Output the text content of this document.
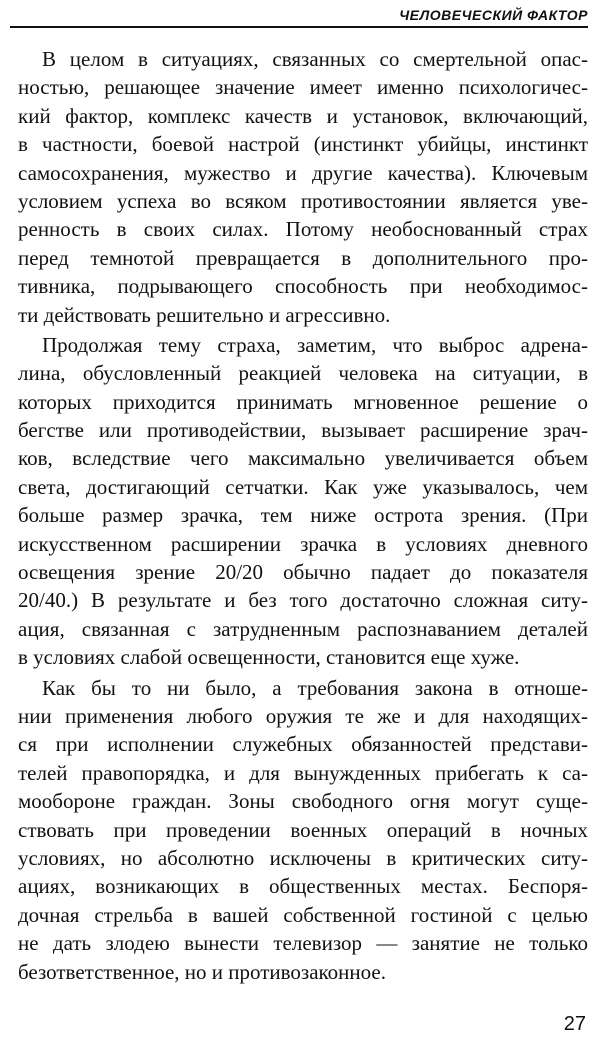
ЧЕЛОВЕЧЕСКИЙ ФАКТОР
В целом в ситуациях, связанных со смертельной опас-
ностью, решающее значение имеет именно психологичес-
кий фактор, комплекс качеств и установок, включающий,
в частности, боевой настрой (инстинкт убийцы, инстинкт
самосохранения, мужество и другие качества). Ключевым
условием успеха во всяком противостоянии является уве-
ренность в своих силах. Потому необоснованный страх
перед темнотой превращается в дополнительного про-
тивника, подрывающего способность при необходимос-
ти действовать решительно и агрессивно.
Продолжая тему страха, заметим, что выброс адрена-
лина, обусловленный реакцией человека на ситуации, в
которых приходится принимать мгновенное решение о
бегстве или противодействии, вызывает расширение зрач-
ков, вследствие чего максимально увеличивается объем
света, достигающий сетчатки. Как уже указывалось, чем
больше размер зрачка, тем ниже острота зрения. (При
искусственном расширении зрачка в условиях дневного
освещения зрение 20/20 обычно падает до показателя
20/40.) В результате и без того достаточно сложная ситу-
ация, связанная с затрудненным распознаванием деталей
в условиях слабой освещенности, становится еще хуже.
Как бы то ни было, а требования закона в отноше-
нии применения любого оружия те же и для находящих-
ся при исполнении служебных обязанностей представи-
телей правопорядка, и для вынужденных прибегать к са-
мообороне граждан. Зоны свободного огня могут суще-
ствовать при проведении военных операций в ночных
условиях, но абсолютно исключены в критических ситу-
ациях, возникающих в общественных местах. Беспоря-
дочная стрельба в вашей собственной гостиной с целью
не дать злодею вынести телевизор — занятие не только
безответственное, но и противозаконное.
27
